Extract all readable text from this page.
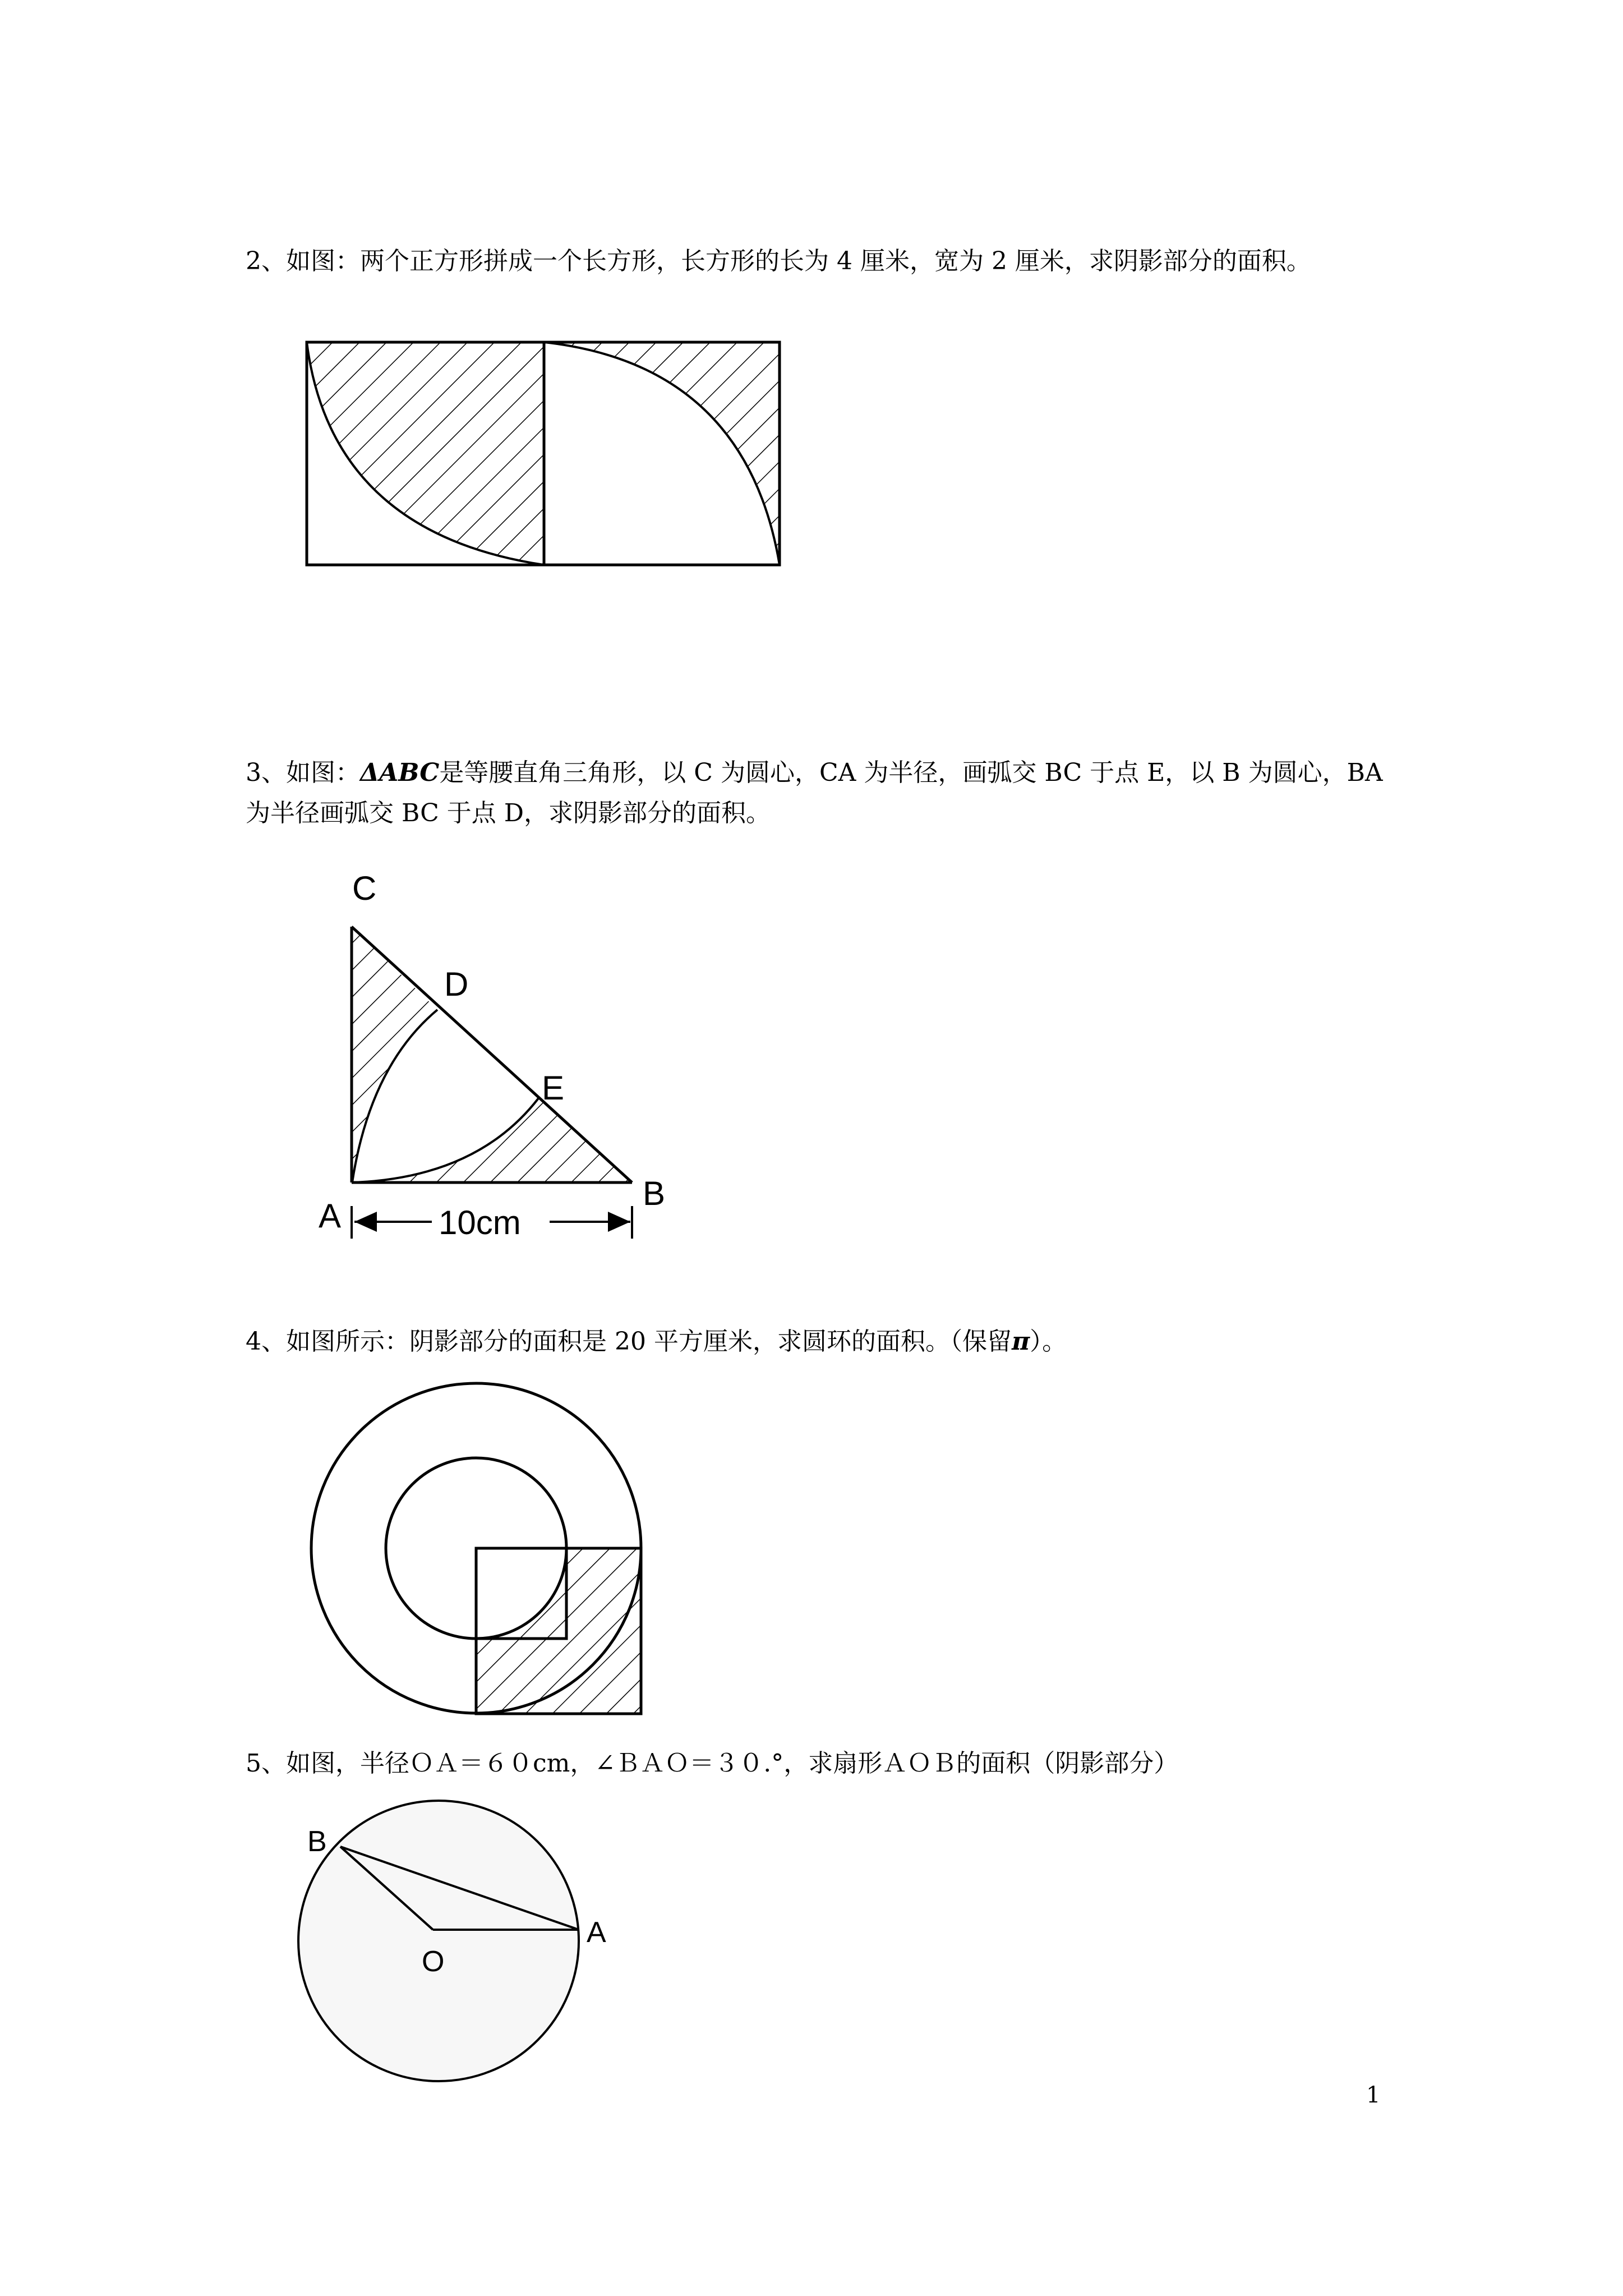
2、如图：两个正方形拼成一个长方形，长方形的长为 4 厘米，宽为 2 厘米，求阴影部分的面积。
3、如图：ΔABC是等腰直角三角形，以 C 为圆心，CA 为半径，画弧交 BC 于点 E，以 B 为圆心，BA 为半径画弧交 BC 于点 D，求阴影部分的面积。
C
D
E
A
B
10cm
4、如图所示：阴影部分的面积是 20 平方厘米，求圆环的面积。（保留π）。
5、如图，半径ＯＡ＝６０cm，∠ＢＡＯ＝３０.°，求扇形ＡＯＢ的面积（阴影部分）
B
O
A
1
